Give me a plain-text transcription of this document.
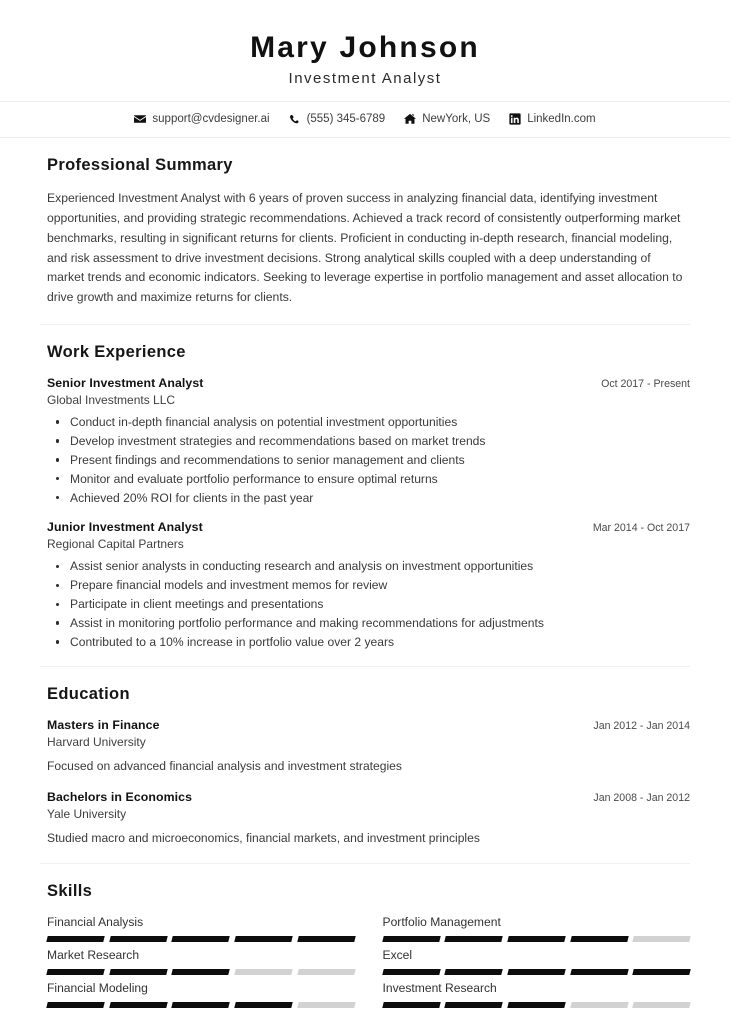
Mary Johnson
Investment Analyst
support@cvdesigner.ai	(555) 345-6789	NewYork, US	LinkedIn.com
Professional Summary
Experienced Investment Analyst with 6 years of proven success in analyzing financial data, identifying investment opportunities, and providing strategic recommendations. Achieved a track record of consistently outperforming market benchmarks, resulting in significant returns for clients. Proficient in conducting in-depth research, financial modeling, and risk assessment to drive investment decisions. Strong analytical skills coupled with a deep understanding of market trends and economic indicators. Seeking to leverage expertise in portfolio management and asset allocation to drive growth and maximize returns for clients.
Work Experience
Senior Investment Analyst	Oct 2017 - Present
Global Investments LLC
Conduct in-depth financial analysis on potential investment opportunities
Develop investment strategies and recommendations based on market trends
Present findings and recommendations to senior management and clients
Monitor and evaluate portfolio performance to ensure optimal returns
Achieved 20% ROI for clients in the past year
Junior Investment Analyst	Mar 2014 - Oct 2017
Regional Capital Partners
Assist senior analysts in conducting research and analysis on investment opportunities
Prepare financial models and investment memos for review
Participate in client meetings and presentations
Assist in monitoring portfolio performance and making recommendations for adjustments
Contributed to a 10% increase in portfolio value over 2 years
Education
Masters in Finance	Jan 2012 - Jan 2014
Harvard University
Focused on advanced financial analysis and investment strategies
Bachelors in Economics	Jan 2008 - Jan 2012
Yale University
Studied macro and microeconomics, financial markets, and investment principles
Skills
Financial Analysis	Portfolio Management
Market Research	Excel
Financial Modeling	Investment Research
